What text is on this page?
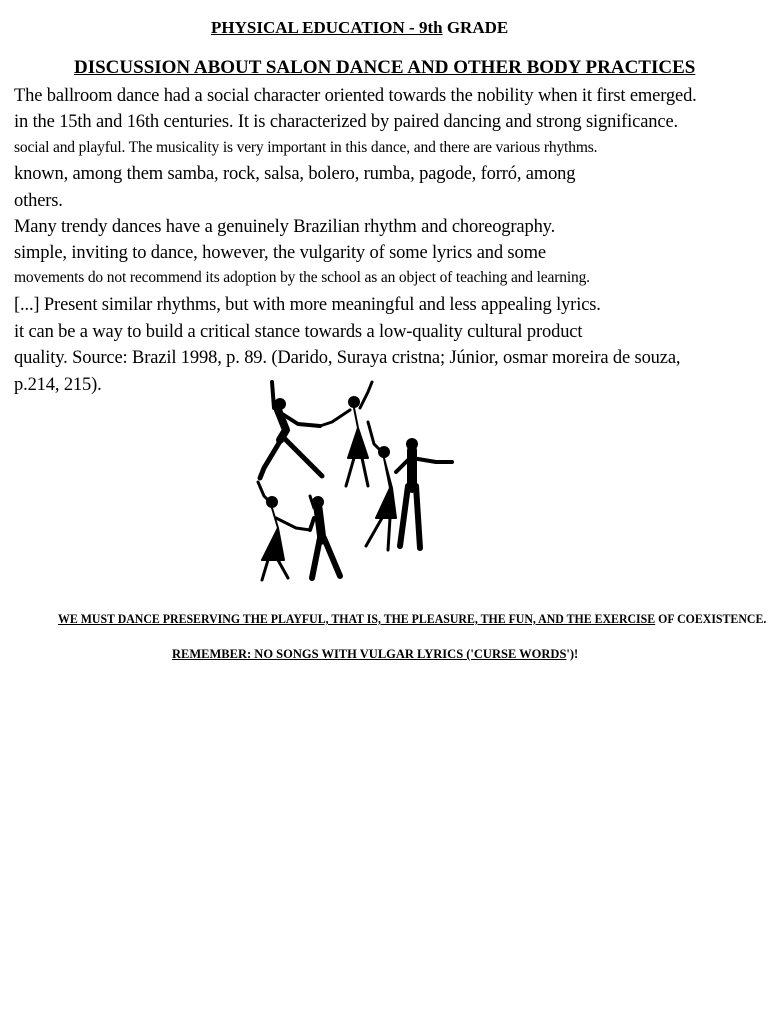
PHYSICAL EDUCATION - 9th GRADE
DISCUSSION ABOUT SALON DANCE AND OTHER BODY PRACTICES
The ballroom dance had a social character oriented towards the nobility when it first emerged.
in the 15th and 16th centuries. It is characterized by paired dancing and strong significance.
social and playful. The musicality is very important in this dance, and there are various rhythms.
known, among them samba, rock, salsa, bolero, rumba, pagode, forró, among
others.
Many trendy dances have a genuinely Brazilian rhythm and choreography.
simple, inviting to dance, however, the vulgarity of some lyrics and some
movements do not recommend its adoption by the school as an object of teaching and learning.
[...] Present similar rhythms, but with more meaningful and less appealing lyrics.
it can be a way to build a critical stance towards a low-quality cultural product
quality. Source: Brazil 1998, p. 89. (Darido, Suraya cristna; Júnior, osmar moreira de souza,
p.214, 215).
WE MUST DANCE PRESERVING THE PLAYFUL, THAT IS, THE PLEASURE, THE FUN, AND THE EXERCISE OF COEXISTENCE.
REMEMBER: NO SONGS WITH VULGAR LYRICS ('CURSE WORDS')!
